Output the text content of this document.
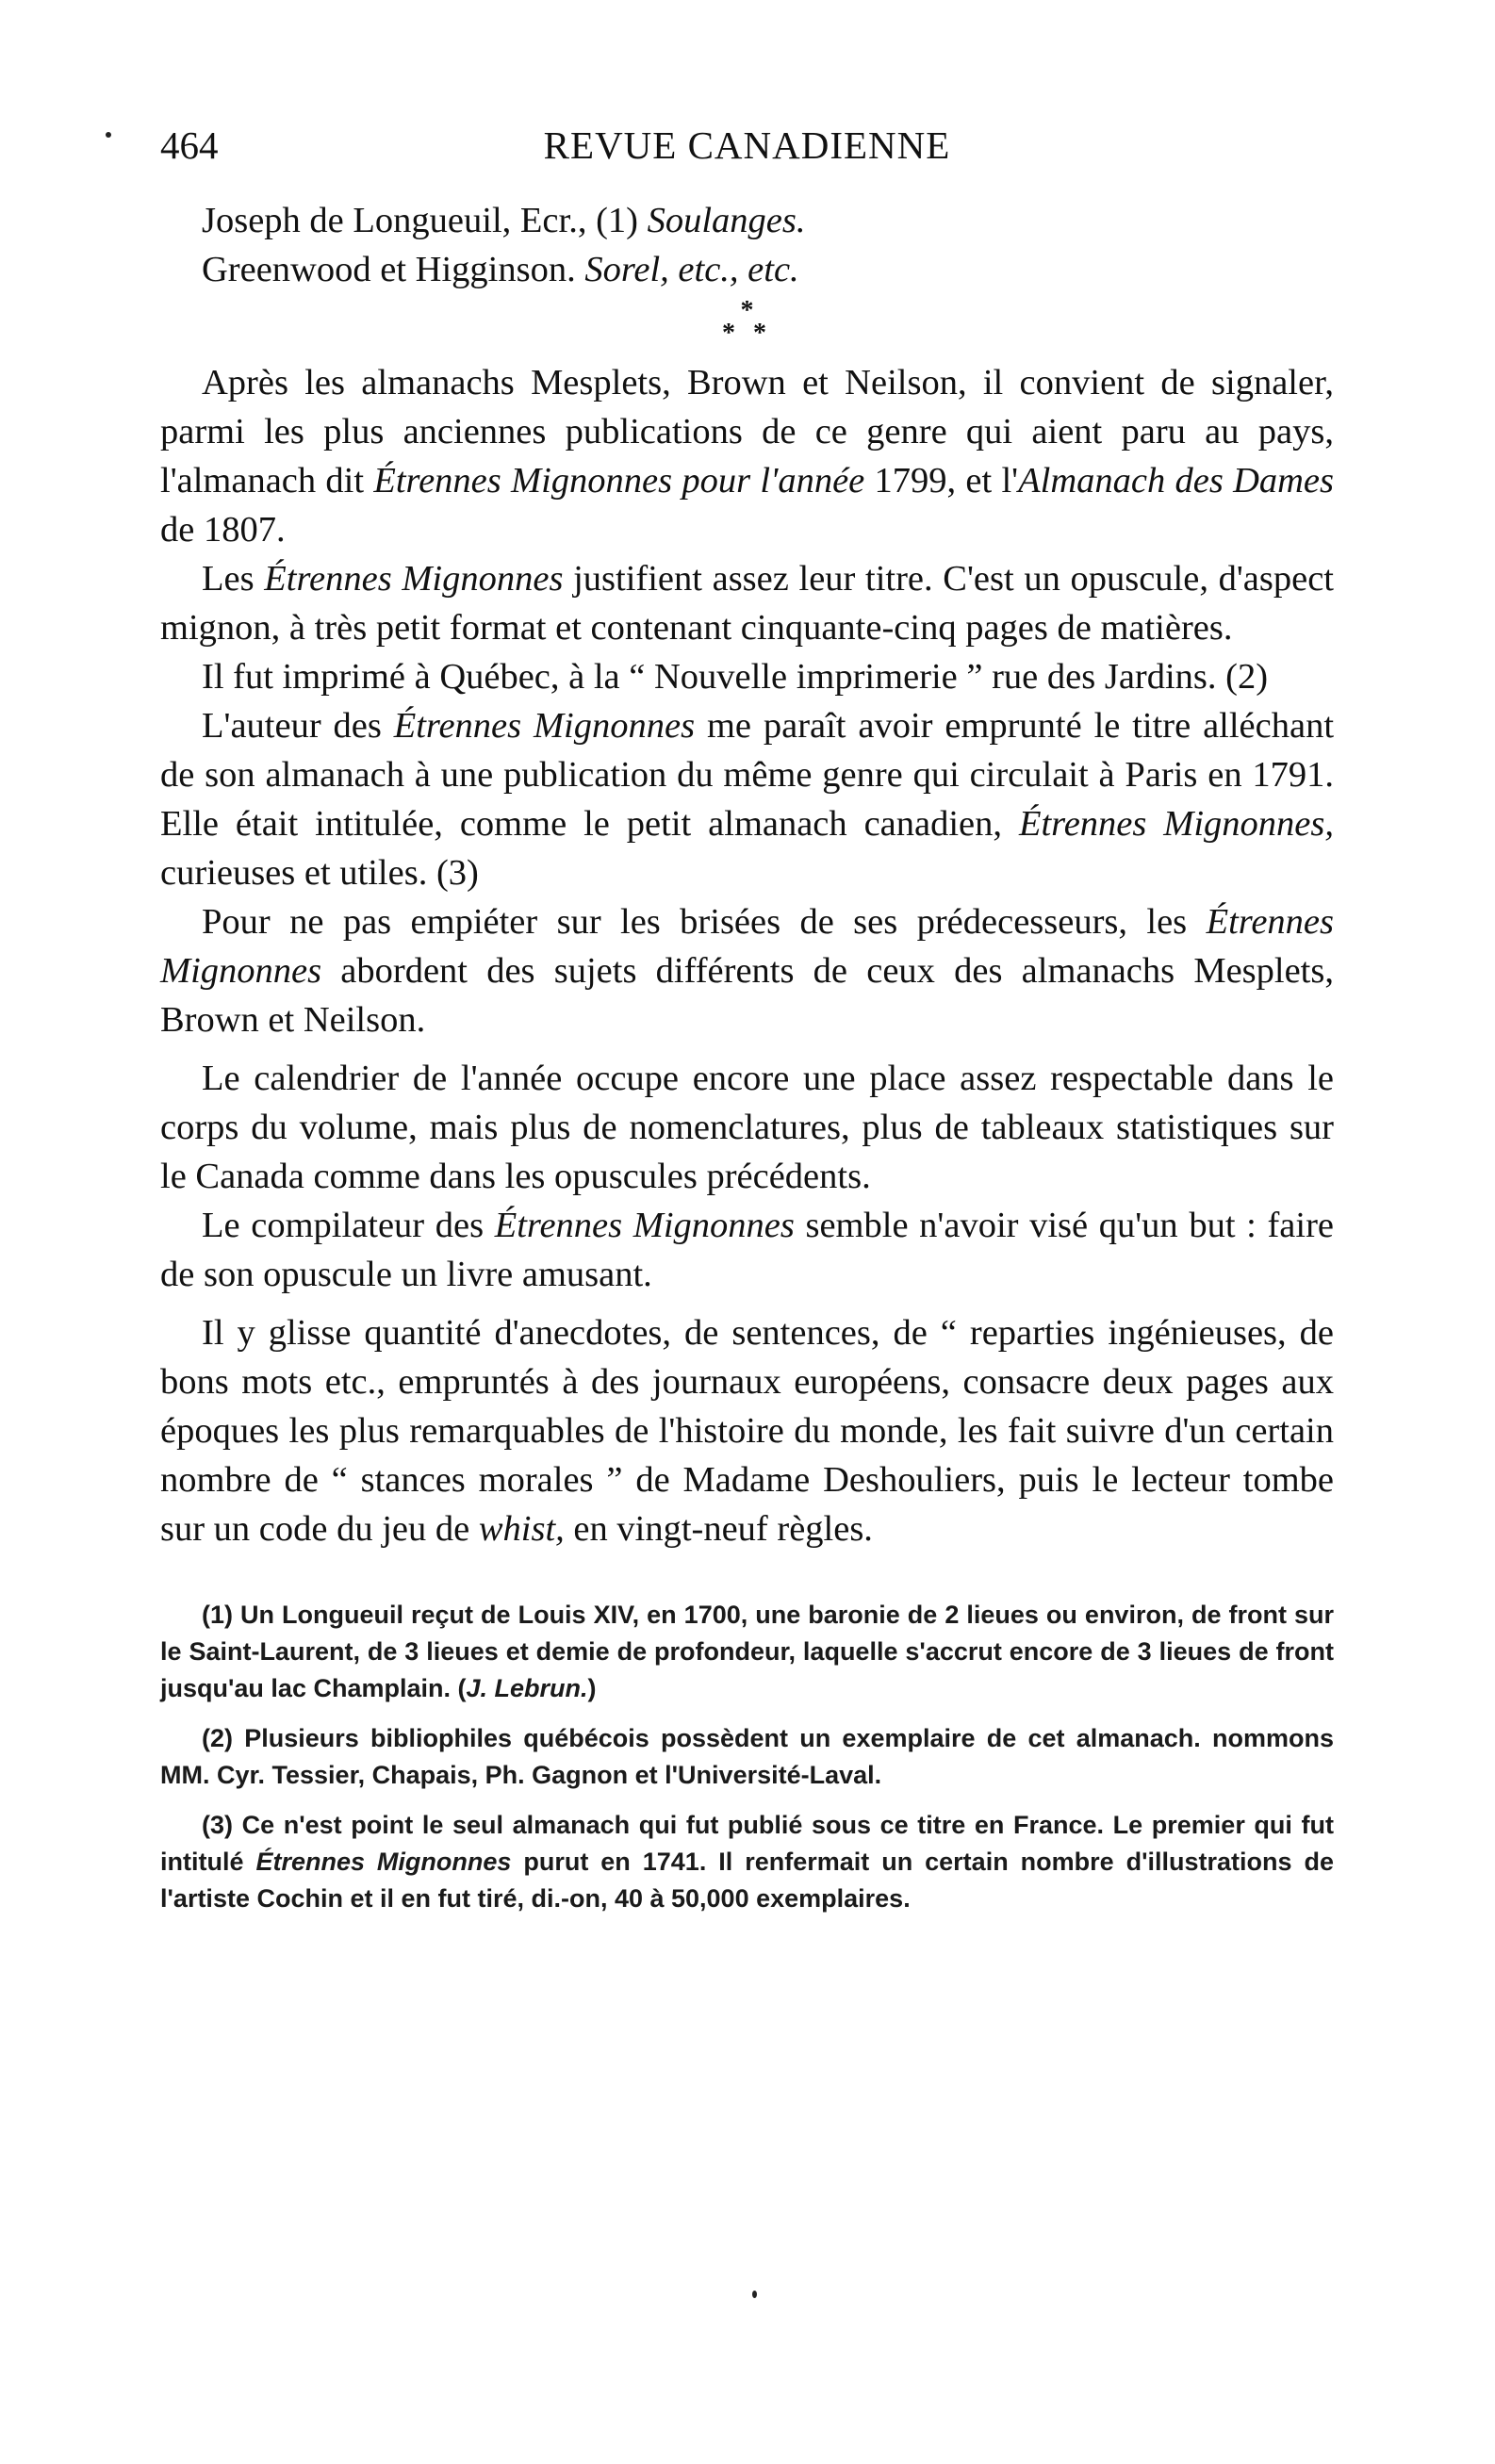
464	REVUE CANADIENNE

Joseph de Longueuil, Ecr., (1) Soulanges.

Greenwood et Higginson. Sorel, etc., etc.

*
* *

Après les almanachs Mesplets, Brown et Neilson, il convient de signaler, parmi les plus anciennes publications de ce genre qui aient paru au pays, l'almanach dit Étrennes Mignonnes pour l'année 1799, et l'Almanach des Dames de 1807.

Les Étrennes Mignonnes justifient assez leur titre. C'est un opuscule, d'aspect mignon, à très petit format et contenant cinquante-cinq pages de matières.

Il fut imprimé à Québec, à la “ Nouvelle imprimerie ” rue des Jardins. (2)

L'auteur des Étrennes Mignonnes me paraît avoir emprunté le titre alléchant de son almanach à une publication du même genre qui circulait à Paris en 1791. Elle était intitulée, comme le petit almanach canadien, Étrennes Mignonnes, curieuses et utiles. (3)

Pour ne pas empiéter sur les brisées de ses prédecesseurs, les Étrennes Mignonnes abordent des sujets différents de ceux des almanachs Mesplets, Brown et Neilson.

Le calendrier de l'année occupe encore une place assez respectable dans le corps du volume, mais plus de nomenclatures, plus de tableaux statistiques sur le Canada comme dans les opuscules précédents.

Le compilateur des Étrennes Mignonnes semble n'avoir visé qu'un but : faire de son opuscule un livre amusant.

Il y glisse quantité d'anecdotes, de sentences, de “ reparties ingénieuses, de bons mots etc., empruntés à des journaux européens, consacre deux pages aux époques les plus remarquables de l'histoire du monde, les fait suivre d'un certain nombre de “ stances morales ” de Madame Deshouliers, puis le lecteur tombe sur un code du jeu de whist, en vingt-neuf règles.

(1) Un Longueuil reçut de Louis XIV, en 1700, une baronie de 2 lieues ou environ, de front sur le Saint-Laurent, de 3 lieues et demie de profondeur, laquelle s'accrut encore de 3 lieues de front jusqu'au lac Champlain. (J. Lebrun.)

(2) Plusieurs bibliophiles québécois possèdent un exemplaire de cet almanach. nommons MM. Cyr. Tessier, Chapais, Ph. Gagnon et l'Université-Laval.

(3) Ce n'est point le seul almanach qui fut publié sous ce titre en France. Le premier qui fut intitulé Étrennes Mignonnes purut en 1741. Il renfermait un certain nombre d'illustrations de l'artiste Cochin et il en fut tiré, di.-on, 40 à 50,000 exemplaires.
